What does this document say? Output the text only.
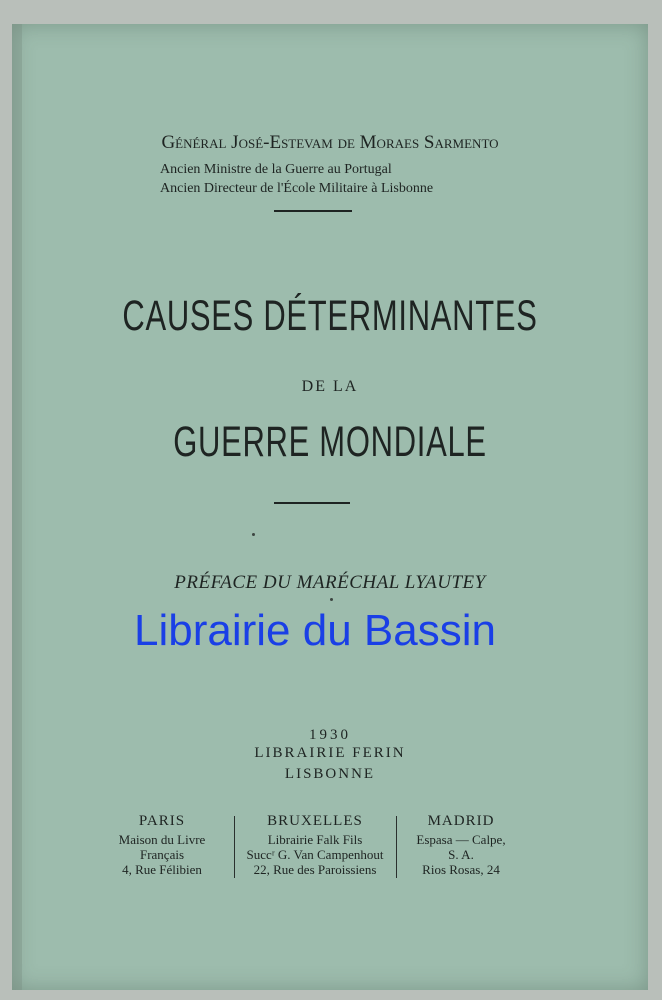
Général José-Estevam de Moraes Sarmento
Ancien Ministre de la Guerre au Portugal
Ancien Directeur de l'École Militaire à Lisbonne
CAUSES DÉTERMINANTES
DE LA
GUERRE MONDIALE
PRÉFACE DU MARÉCHAL LYAUTEY
Librairie du Bassin
1930
LIBRAIRIE FERIN
LISBONNE
PARIS
Maison du Livre
Français
4, Rue Félibien
BRUXELLES
Librairie Falk Fils
Succʳ G. Van Campenhout
22, Rue des Paroissiens
MADRID
Espasa — Calpe,
S. A.
Rios Rosas, 24
